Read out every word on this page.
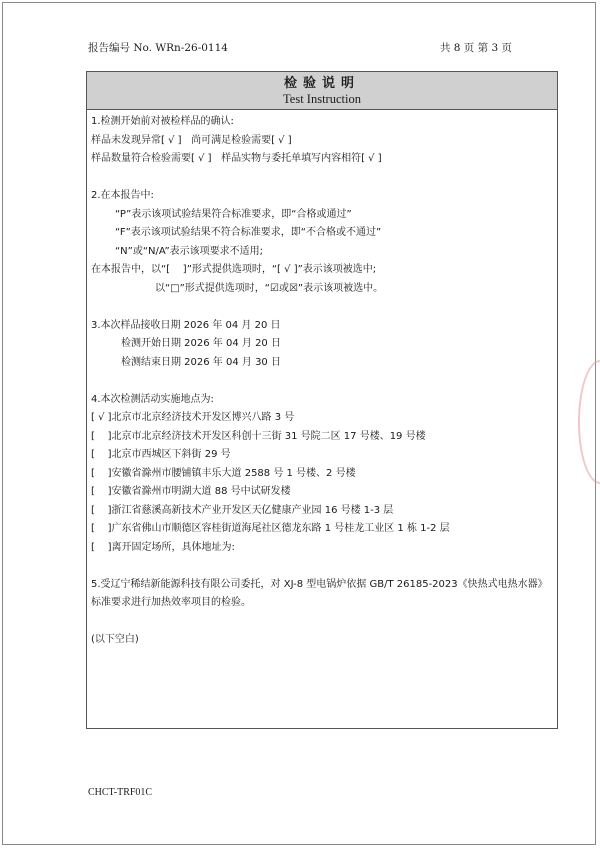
报告编号 No. WRn-26-0114	共 8 页 第 3 页
检验说明
Test Instruction
1.检测开始前对被检样品的确认:
样品未发现异常[ √ ]   尚可满足检验需要[ √ ]
样品数量符合检验需要[ √ ]   样品实物与委托单填写内容相符[ √ ]
2.在本报告中:
“P”表示该项试验结果符合标准要求，即“合格或通过”
“F”表示该项试验结果不符合标准要求，即“不合格或不通过”
“N”或“N/A”表示该项要求不适用;
在本报告中，以“[    ]”形式提供选项时，“[ √ ]”表示该项被选中;
以“□”形式提供选项时，“☑或☒”表示该项被选中。
3.本次样品接收日期 2026 年 04 月 20 日
检测开始日期 2026 年 04 月 20 日
检测结束日期 2026 年 04 月 30 日
4.本次检测活动实施地点为:
[ √ ]北京市北京经济技术开发区博兴八路 3 号
[    ]北京市北京经济技术开发区科创十三街 31 号院二区 17 号楼、19 号楼
[    ]北京市西城区下斜街 29 号
[    ]安徽省滁州市腰铺镇丰乐大道 2588 号 1 号楼、2 号楼
[    ]安徽省滁州市明湖大道 88 号中试研发楼
[    ]浙江省慈溪高新技术产业开发区天亿健康产业园 16 号楼 1-3 层
[    ]广东省佛山市顺德区容桂街道海尾社区德龙东路 1 号桂龙工业区 1 栋 1-2 层
[    ]离开固定场所，具体地址为:
5.受辽宁稀结新能源科技有限公司委托，对 XJ-8 型电锅炉依据 GB/T 26185-2023《快热式电热水器》
标准要求进行加热效率项目的检验。
(以下空白)
CHCT-TRF01C
